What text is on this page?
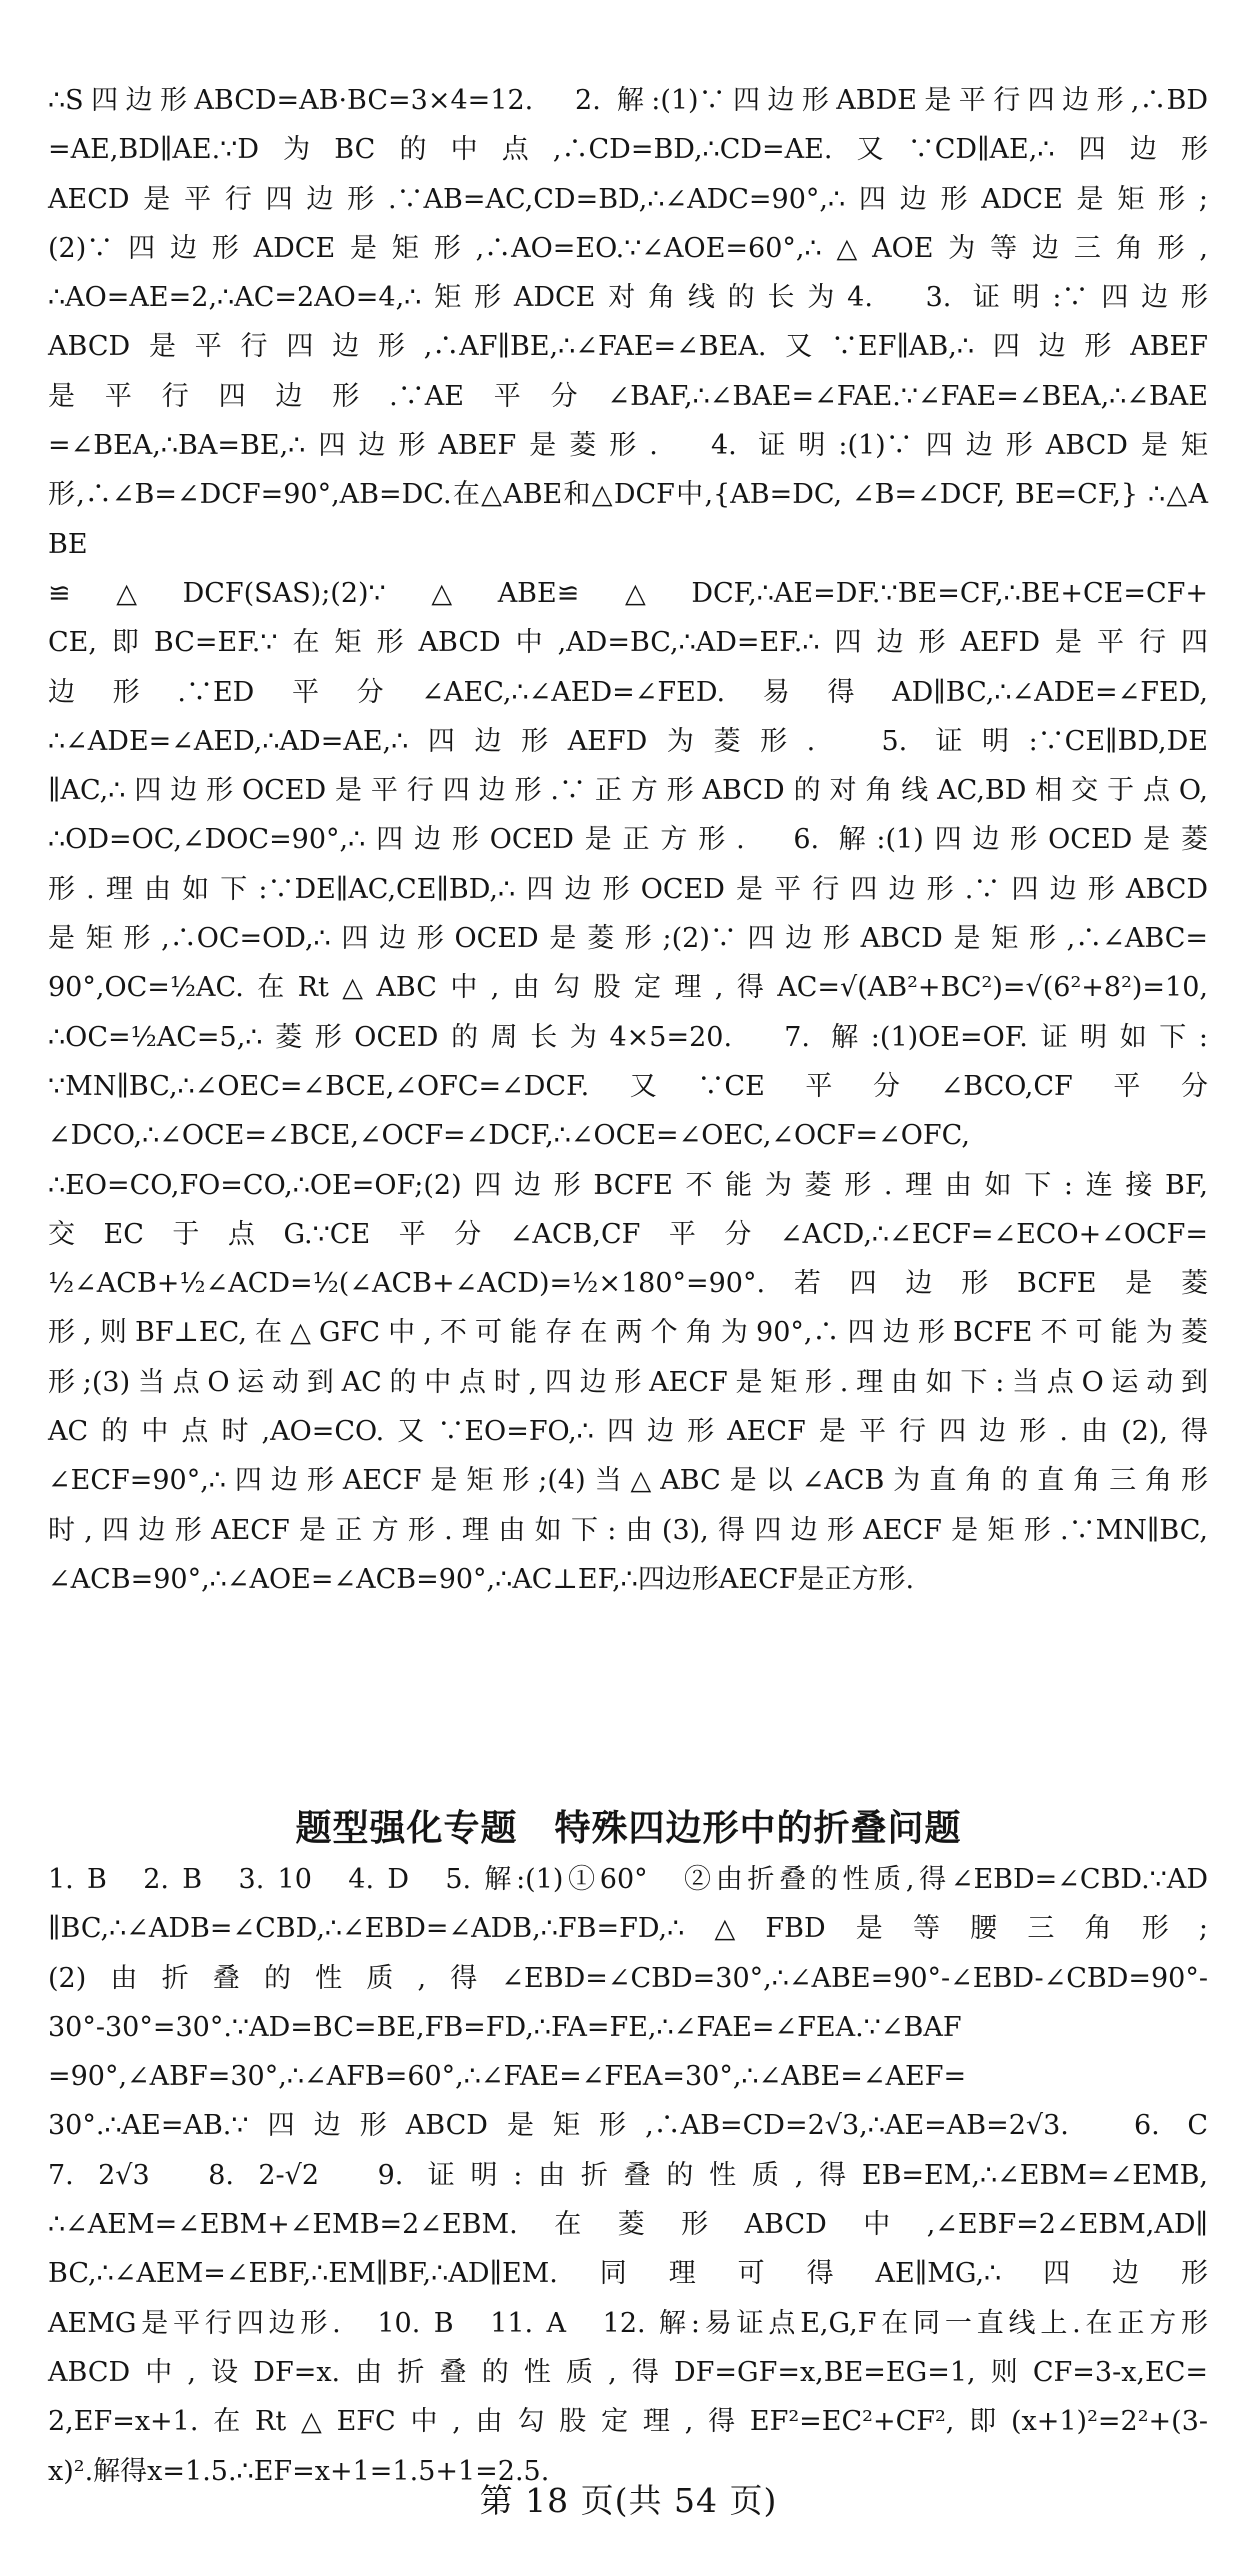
∴S四边形ABCD=AB·BC=3×4=12.　2. 解:(1)∵四边形ABDE是平行四边形,∴BD
=AE,BD∥AE.∵D为BC的中点,∴CD=BD,∴CD=AE.又∵CD∥AE,∴四边形
AECD是平行四边形.∵AB=AC,CD=BD,∴∠ADC=90°,∴四边形ADCE是矩形;
(2)∵四边形ADCE是矩形,∴AO=EO.∵∠AOE=60°,∴△AOE为等边三角形,
∴AO=AE=2,∴AC=2AO=4,∴矩形ADCE对角线的长为4.　3. 证明:∵四边形
ABCD是平行四边形,∴AF∥BE,∴∠FAE=∠BEA.又∵EF∥AB,∴四边形ABEF
是平行四边形.∵AE平分∠BAF,∴∠BAE=∠FAE.∵∠FAE=∠BEA,∴∠BAE
=∠BEA,∴BA=BE,∴四边形ABEF是菱形.　4. 证明:(1)∵四边形ABCD是矩
形,∴∠B=∠DCF=90°,AB=DC.在△ABE和△DCF中,{AB=DC, ∠B=∠DCF, BE=CF,} ∴△ABE
≌△DCF(SAS);(2)∵△ABE≌△DCF,∴AE=DF.∵BE=CF,∴BE+CE=CF+
CE,即BC=EF.∵在矩形ABCD中,AD=BC,∴AD=EF.∴四边形AEFD是平行四
边形.∵ED平分∠AEC,∴∠AED=∠FED.易得AD∥BC,∴∠ADE=∠FED,
∴∠ADE=∠AED,∴AD=AE,∴四边形AEFD为菱形.　5. 证明:∵CE∥BD,DE
∥AC,∴四边形OCED是平行四边形.∵正方形ABCD的对角线AC,BD相交于点O,
∴OD=OC,∠DOC=90°,∴四边形OCED是正方形.　6. 解:(1)四边形OCED是菱
形.理由如下:∵DE∥AC,CE∥BD,∴四边形OCED是平行四边形.∵四边形ABCD
是矩形,∴OC=OD,∴四边形OCED是菱形;(2)∵四边形ABCD是矩形,∴∠ABC=
90°,OC=½AC.在Rt△ABC中,由勾股定理,得AC=√(AB²+BC²)=√(6²+8²)=10,
∴OC=½AC=5,∴菱形OCED的周长为4×5=20.　7. 解:(1)OE=OF.证明如下:
∵MN∥BC,∴∠OEC=∠BCE,∠OFC=∠DCF.又∵CE平分∠BCO,CF平分
∠DCO,∴∠OCE=∠BCE,∠OCF=∠DCF,∴∠OCE=∠OEC,∠OCF=∠OFC,
∴EO=CO,FO=CO,∴OE=OF;(2)四边形BCFE不能为菱形.理由如下:连接BF,
交EC于点G.∵CE平分∠ACB,CF平分∠ACD,∴∠ECF=∠ECO+∠OCF=
½∠ACB+½∠ACD=½(∠ACB+∠ACD)=½×180°=90°.若四边形BCFE是菱
形,则BF⊥EC,在△GFC中,不可能存在两个角为90°,∴四边形BCFE不可能为菱
形;(3)当点O运动到AC的中点时,四边形AECF是矩形.理由如下:当点O运动到
AC的中点时,AO=CO.又∵EO=FO,∴四边形AECF是平行四边形.由(2),得
∠ECF=90°,∴四边形AECF是矩形;(4)当△ABC是以∠ACB为直角的直角三角形
时,四边形AECF是正方形.理由如下:由(3),得四边形AECF是矩形.∵MN∥BC,
∠ACB=90°,∴∠AOE=∠ACB=90°,∴AC⊥EF,∴四边形AECF是正方形.
题型强化专题　特殊四边形中的折叠问题
1. B　2. B　3. 10　4. D　5. 解:(1)①60°　②由折叠的性质,得∠EBD=∠CBD.∵AD
∥BC,∴∠ADB=∠CBD,∴∠EBD=∠ADB,∴FB=FD,∴△FBD是等腰三角形;
(2)由折叠的性质,得∠EBD=∠CBD=30°,∴∠ABE=90°-∠EBD-∠CBD=90°-
30°-30°=30°.∵AD=BC=BE,FB=FD,∴FA=FE,∴∠FAE=∠FEA.∵∠BAF
=90°,∠ABF=30°,∴∠AFB=60°,∴∠FAE=∠FEA=30°,∴∠ABE=∠AEF=
30°.∴AE=AB.∵四边形ABCD是矩形,∴AB=CD=2√3,∴AE=AB=2√3.　6. C
7. 2√3　8. 2-√2　9. 证明:由折叠的性质,得EB=EM,∴∠EBM=∠EMB,
∴∠AEM=∠EBM+∠EMB=2∠EBM.在菱形ABCD中,∠EBF=2∠EBM,AD∥
BC,∴∠AEM=∠EBF,∴EM∥BF,∴AD∥EM.同理可得AE∥MG,∴四边形
AEMG是平行四边形.　10. B　11. A　12. 解:易证点E,G,F在同一直线上.在正方形
ABCD中,设DF=x.由折叠的性质,得DF=GF=x,BE=EG=1,则CF=3-x,EC=
2,EF=x+1.在Rt△EFC中,由勾股定理,得EF²=EC²+CF²,即(x+1)²=2²+(3-
x)².解得x=1.5.∴EF=x+1=1.5+1=2.5.
第 18 页(共 54 页)
